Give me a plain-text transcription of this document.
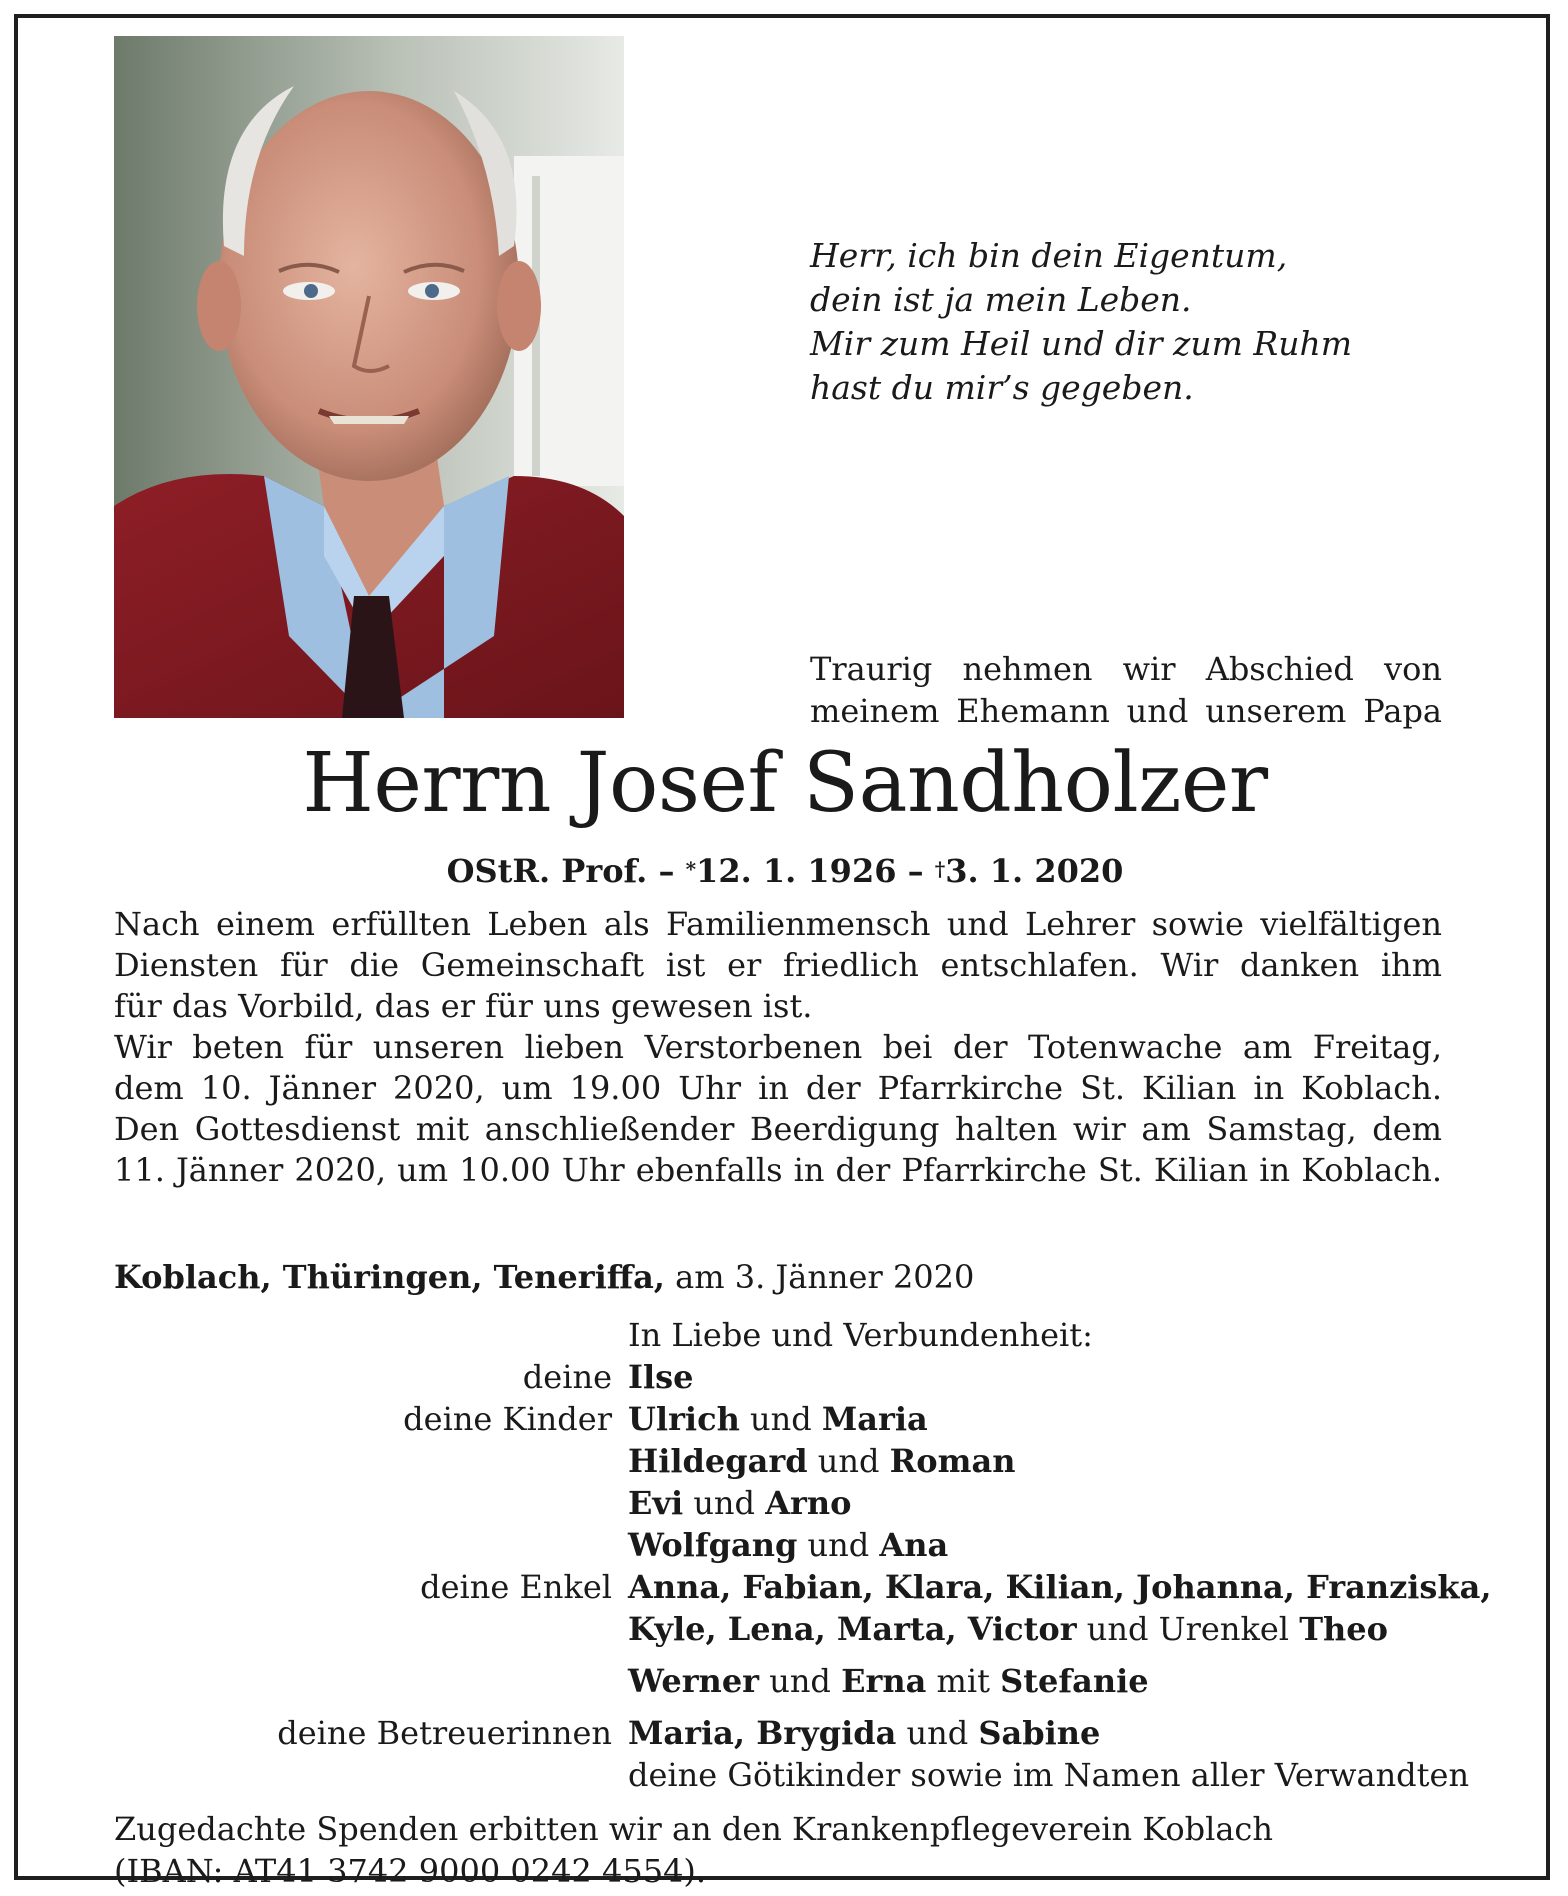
Herr, ich bin dein Eigentum,
dein ist ja mein Leben.
Mir zum Heil und dir zum Ruhm
hast du mir’s gegeben.
Traurig nehmen wir Abschied von
meinem Ehemann und unserem Papa
Herrn Josef Sandholzer
OStR. Prof. – *12. 1. 1926 – †3. 1. 2020
Nach einem erfüllten Leben als Familienmensch und Lehrer sowie vielfältigen
Diensten für die Gemeinschaft ist er friedlich entschlafen. Wir danken ihm
für das Vorbild, das er für uns gewesen ist.
Wir beten für unseren lieben Verstorbenen bei der Totenwache am Freitag,
dem 10. Jänner 2020, um 19.00 Uhr in der Pfarrkirche St. Kilian in Koblach.
Den Gottesdienst mit anschließender Beerdigung halten wir am Samstag, dem
11. Jänner 2020, um 10.00 Uhr ebenfalls in der Pfarrkirche St. Kilian in Koblach.
Koblach, Thüringen, Teneriffa, am 3. Jänner 2020
In Liebe und Verbundenheit:
deine Ilse
deine Kinder Ulrich und Maria
Hildegard und Roman
Evi und Arno
Wolfgang und Ana
deine Enkel Anna, Fabian, Klara, Kilian, Johanna, Franziska,
Kyle, Lena, Marta, Victor und Urenkel Theo
Werner und Erna mit Stefanie
deine Betreuerinnen Maria, Brygida und Sabine
deine Götikinder sowie im Namen aller Verwandten
Zugedachte Spenden erbitten wir an den Krankenpflegeverein Koblach
(IBAN: AT41 3742 9000 0242 4554).
